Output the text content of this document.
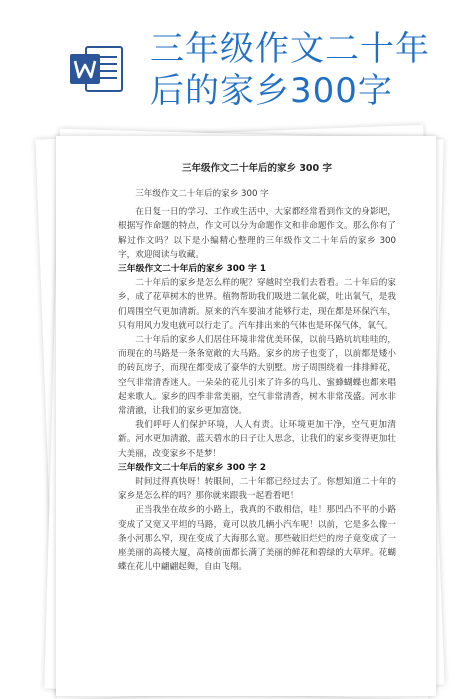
三年级作文二十年
后的家乡300字
三年级作文二十年后的家乡 300 字

三年级作文二十年后的家乡 300 字

在日复一日的学习、工作或生活中，大家都经常看到作文的身影吧，根据写作命题的特点，作文可以分为命题作文和非命题作文。那么你有了解过作文吗？以下是小编精心整理的三年级作文二十年后的家乡 300 字，欢迎阅读与收藏。

三年级作文二十年后的家乡 300 字 1

二十年后的家乡是怎么样的呢？穿越时空我们去看看。二十年后的家乡，成了花草树木的世界。植物帮助我们吸进二氧化碳，吐出氧气，是我们周围空气更加清新。原来的汽车要油才能够行走，现在都是环保汽车，只有用风力发电就可以行走了。汽车排出来的气体也是环保气体，氧气。

二十年后的家乡人们居住环境非常优美环保，以前马路坑坑哇哇的，而现在的马路是一条条宽敞的大马路。家乡的房子也变了，以前都是矮小的砖瓦房子，而现在都变成了豪华的大别墅。房子周围绕着一排排鲜花，空气非常清香迷人。一朵朵的花儿引来了许多的鸟儿、蜜蜂蝴蝶也都来唱起来歌人。家乡的四季非常美丽，空气非常清香，树木非常茂盛。河水非常清澈，让我们的家乡更加富饶。

我们呼吁人们保护环境，人人有责。让环境更加干净，空气更加清新。河水更加清澈，蓝天碧水的日子让人思念，让我们的家乡变得更加壮大美丽，改变家乡不是梦！

三年级作文二十年后的家乡 300 字 2

时间过得真快呀！转眼间，二十年都已经过去了。你想知道二十年的家乡是怎么样的吗？那你就来跟我一起看看吧！

正当我坐在故乡的小路上，我真的不敢相信，哇！那凹凸不平的小路变成了又宽又平坦的马路，竟可以放几辆小汽车呢！以前，它是多么像一条小河那么窄，现在变成了大海那么宽。那些破旧烂烂的房子竟变成了一座美丽的高楼大厦，高楼前面都长满了美丽的鲜花和碧绿的大草坪。花蝴蝶在花儿中翩翩起舞，自由飞翔。
